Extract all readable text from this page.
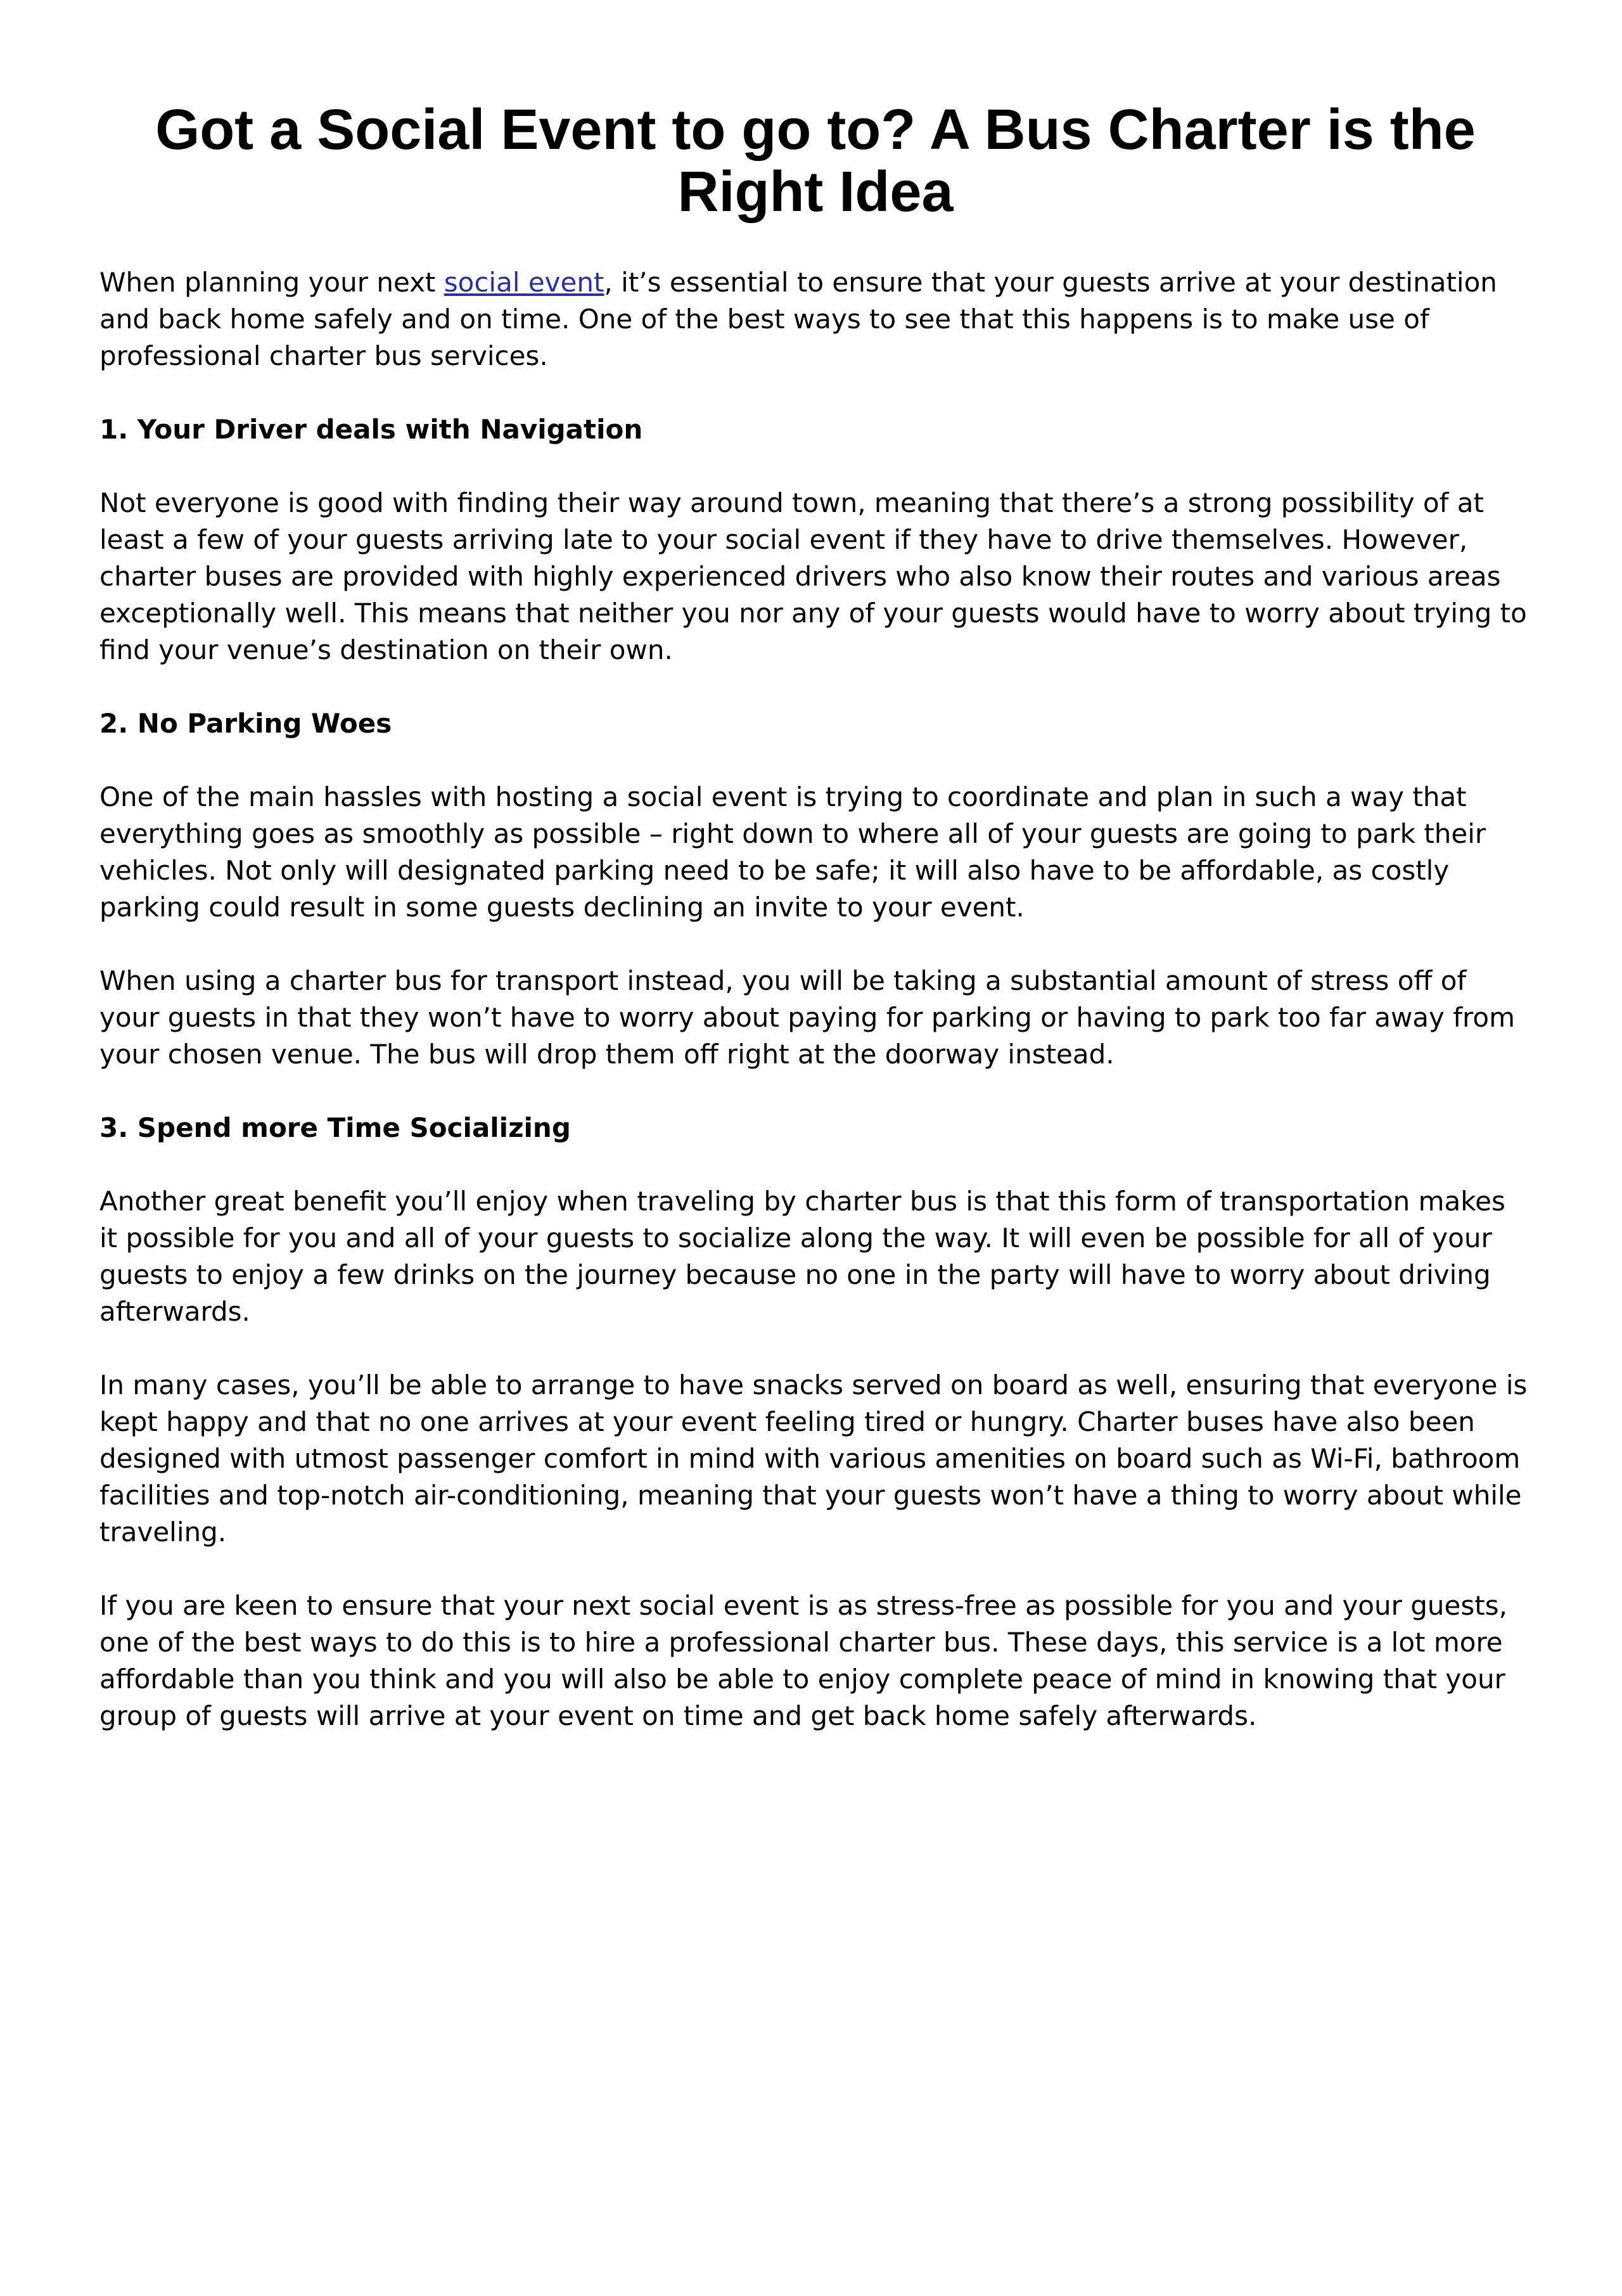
Got a Social Event to go to? A Bus Charter is the Right Idea

When planning your next social event, it’s essential to ensure that your guests arrive at your destination and back home safely and on time. One of the best ways to see that this happens is to make use of professional charter bus services.

1. Your Driver deals with Navigation

Not everyone is good with finding their way around town, meaning that there’s a strong possibility of at least a few of your guests arriving late to your social event if they have to drive themselves. However, charter buses are provided with highly experienced drivers who also know their routes and various areas exceptionally well. This means that neither you nor any of your guests would have to worry about trying to find your venue’s destination on their own.

2. No Parking Woes

One of the main hassles with hosting a social event is trying to coordinate and plan in such a way that everything goes as smoothly as possible – right down to where all of your guests are going to park their vehicles. Not only will designated parking need to be safe; it will also have to be affordable, as costly parking could result in some guests declining an invite to your event.

When using a charter bus for transport instead, you will be taking a substantial amount of stress off of your guests in that they won’t have to worry about paying for parking or having to park too far away from your chosen venue. The bus will drop them off right at the doorway instead.

3. Spend more Time Socializing

Another great benefit you’ll enjoy when traveling by charter bus is that this form of transportation makes it possible for you and all of your guests to socialize along the way. It will even be possible for all of your guests to enjoy a few drinks on the journey because no one in the party will have to worry about driving afterwards.

In many cases, you’ll be able to arrange to have snacks served on board as well, ensuring that everyone is kept happy and that no one arrives at your event feeling tired or hungry. Charter buses have also been designed with utmost passenger comfort in mind with various amenities on board such as Wi-Fi, bathroom facilities and top-notch air-conditioning, meaning that your guests won’t have a thing to worry about while traveling.

If you are keen to ensure that your next social event is as stress-free as possible for you and your guests, one of the best ways to do this is to hire a professional charter bus. These days, this service is a lot more affordable than you think and you will also be able to enjoy complete peace of mind in knowing that your group of guests will arrive at your event on time and get back home safely afterwards.
